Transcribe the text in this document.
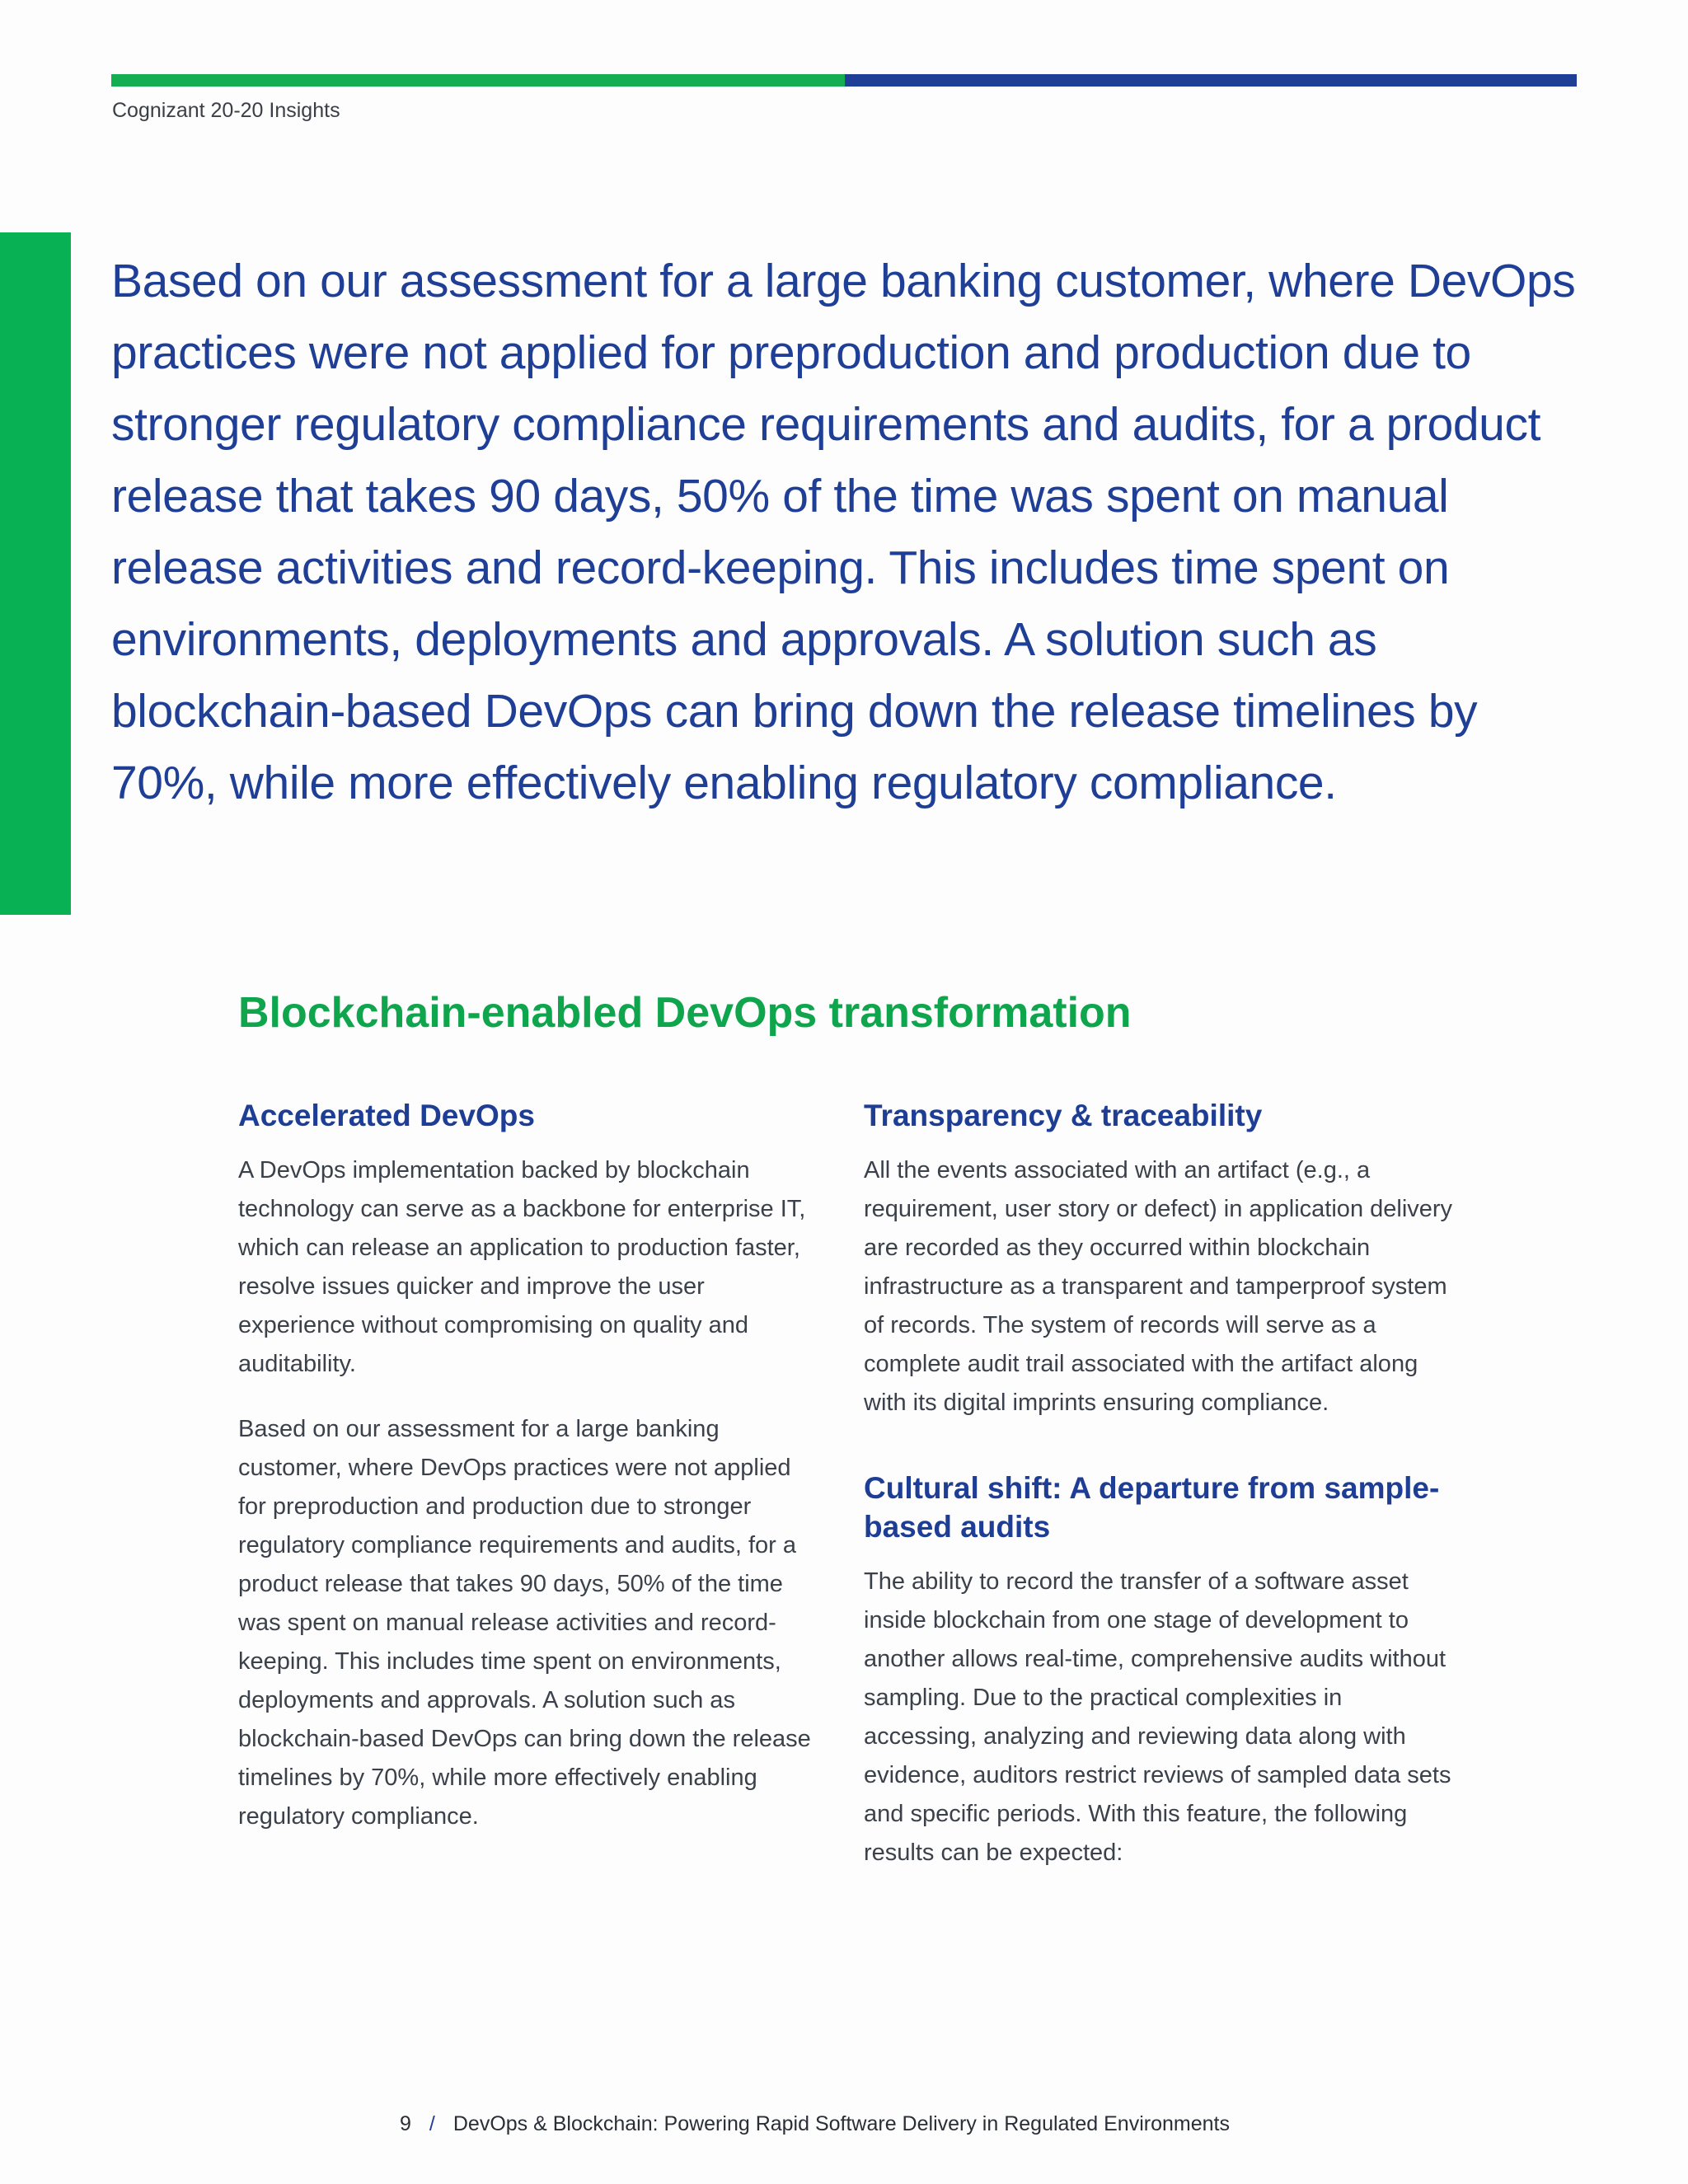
Cognizant 20-20 Insights

Based on our assessment for a large banking customer, where DevOps practices were not applied for preproduction and production due to stronger regulatory compliance requirements and audits, for a product release that takes 90 days, 50% of the time was spent on manual release activities and record-keeping. This includes time spent on environments, deployments and approvals. A solution such as blockchain-based DevOps can bring down the release timelines by 70%, while more effectively enabling regulatory compliance.

Blockchain-enabled DevOps transformation
Accelerated DevOps

A DevOps implementation backed by blockchain technology can serve as a backbone for enterprise IT, which can release an application to production faster, resolve issues quicker and improve the user experience without compromising on quality and auditability.

Based on our assessment for a large banking customer, where DevOps practices were not applied for preproduction and production due to stronger regulatory compliance requirements and audits, for a product release that takes 90 days, 50% of the time was spent on manual release activities and record-keeping. This includes time spent on environments, deployments and approvals. A solution such as blockchain-based DevOps can bring down the release timelines by 70%, while more effectively enabling regulatory compliance.

Transparency & traceability

All the events associated with an artifact (e.g., a requirement, user story or defect) in application delivery are recorded as they occurred within blockchain infrastructure as a transparent and tamperproof system of records. The system of records will serve as a complete audit trail associated with the artifact along with its digital imprints ensuring compliance.

Cultural shift: A departure from sample-based audits

The ability to record the transfer of a software asset inside blockchain from one stage of development to another allows real-time, comprehensive audits without sampling. Due to the practical complexities in accessing, analyzing and reviewing data along with evidence, auditors restrict reviews of sampled data sets and specific periods. With this feature, the following results can be expected:

9 / DevOps & Blockchain: Powering Rapid Software Delivery in Regulated Environments
